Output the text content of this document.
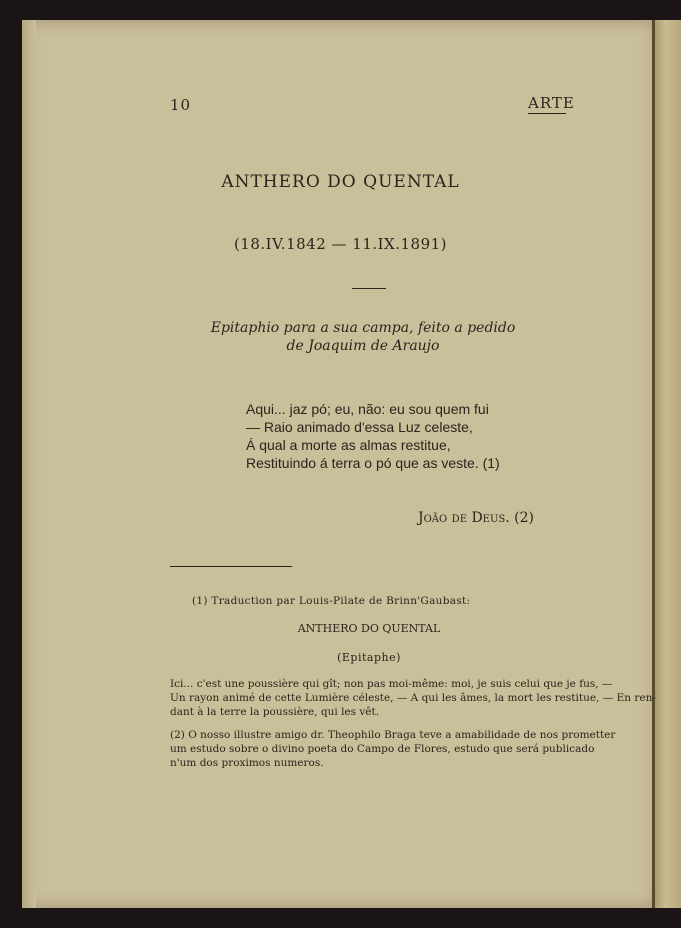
10	ARTE

ANTHERO DO QUENTAL

(18.IV.1842 — 11.IX.1891)

Epitaphio para a sua campa, feito a pedido

de Joaquim de Araujo

Aqui... jaz pó; eu, não: eu sou quem fui

— Raio animado d'essa Luz celeste,

Á qual a morte as almas restitue,

Restituindo á terra o pó que as veste. (1)

João de Deus. (2)

(1) Traduction par Louis-Pilate de Brinn'Gaubast:

ANTHERO DO QUENTAL

(Epitaphe)

Ici... c'est une poussière qui gît; non pas moi-même: moi, je suis celui que je fus, —

Un rayon animé de cette Lumière céleste, — A qui les âmes, la mort les restitue, — En ren-

dant à la terre la poussière, qui les vêt.

(2) O nosso illustre amigo dr. Theophilo Braga teve a amabilidade de nos prometter

um estudo sobre o divino poeta do Campo de Flores, estudo que será publicado

n'um dos proximos numeros.
